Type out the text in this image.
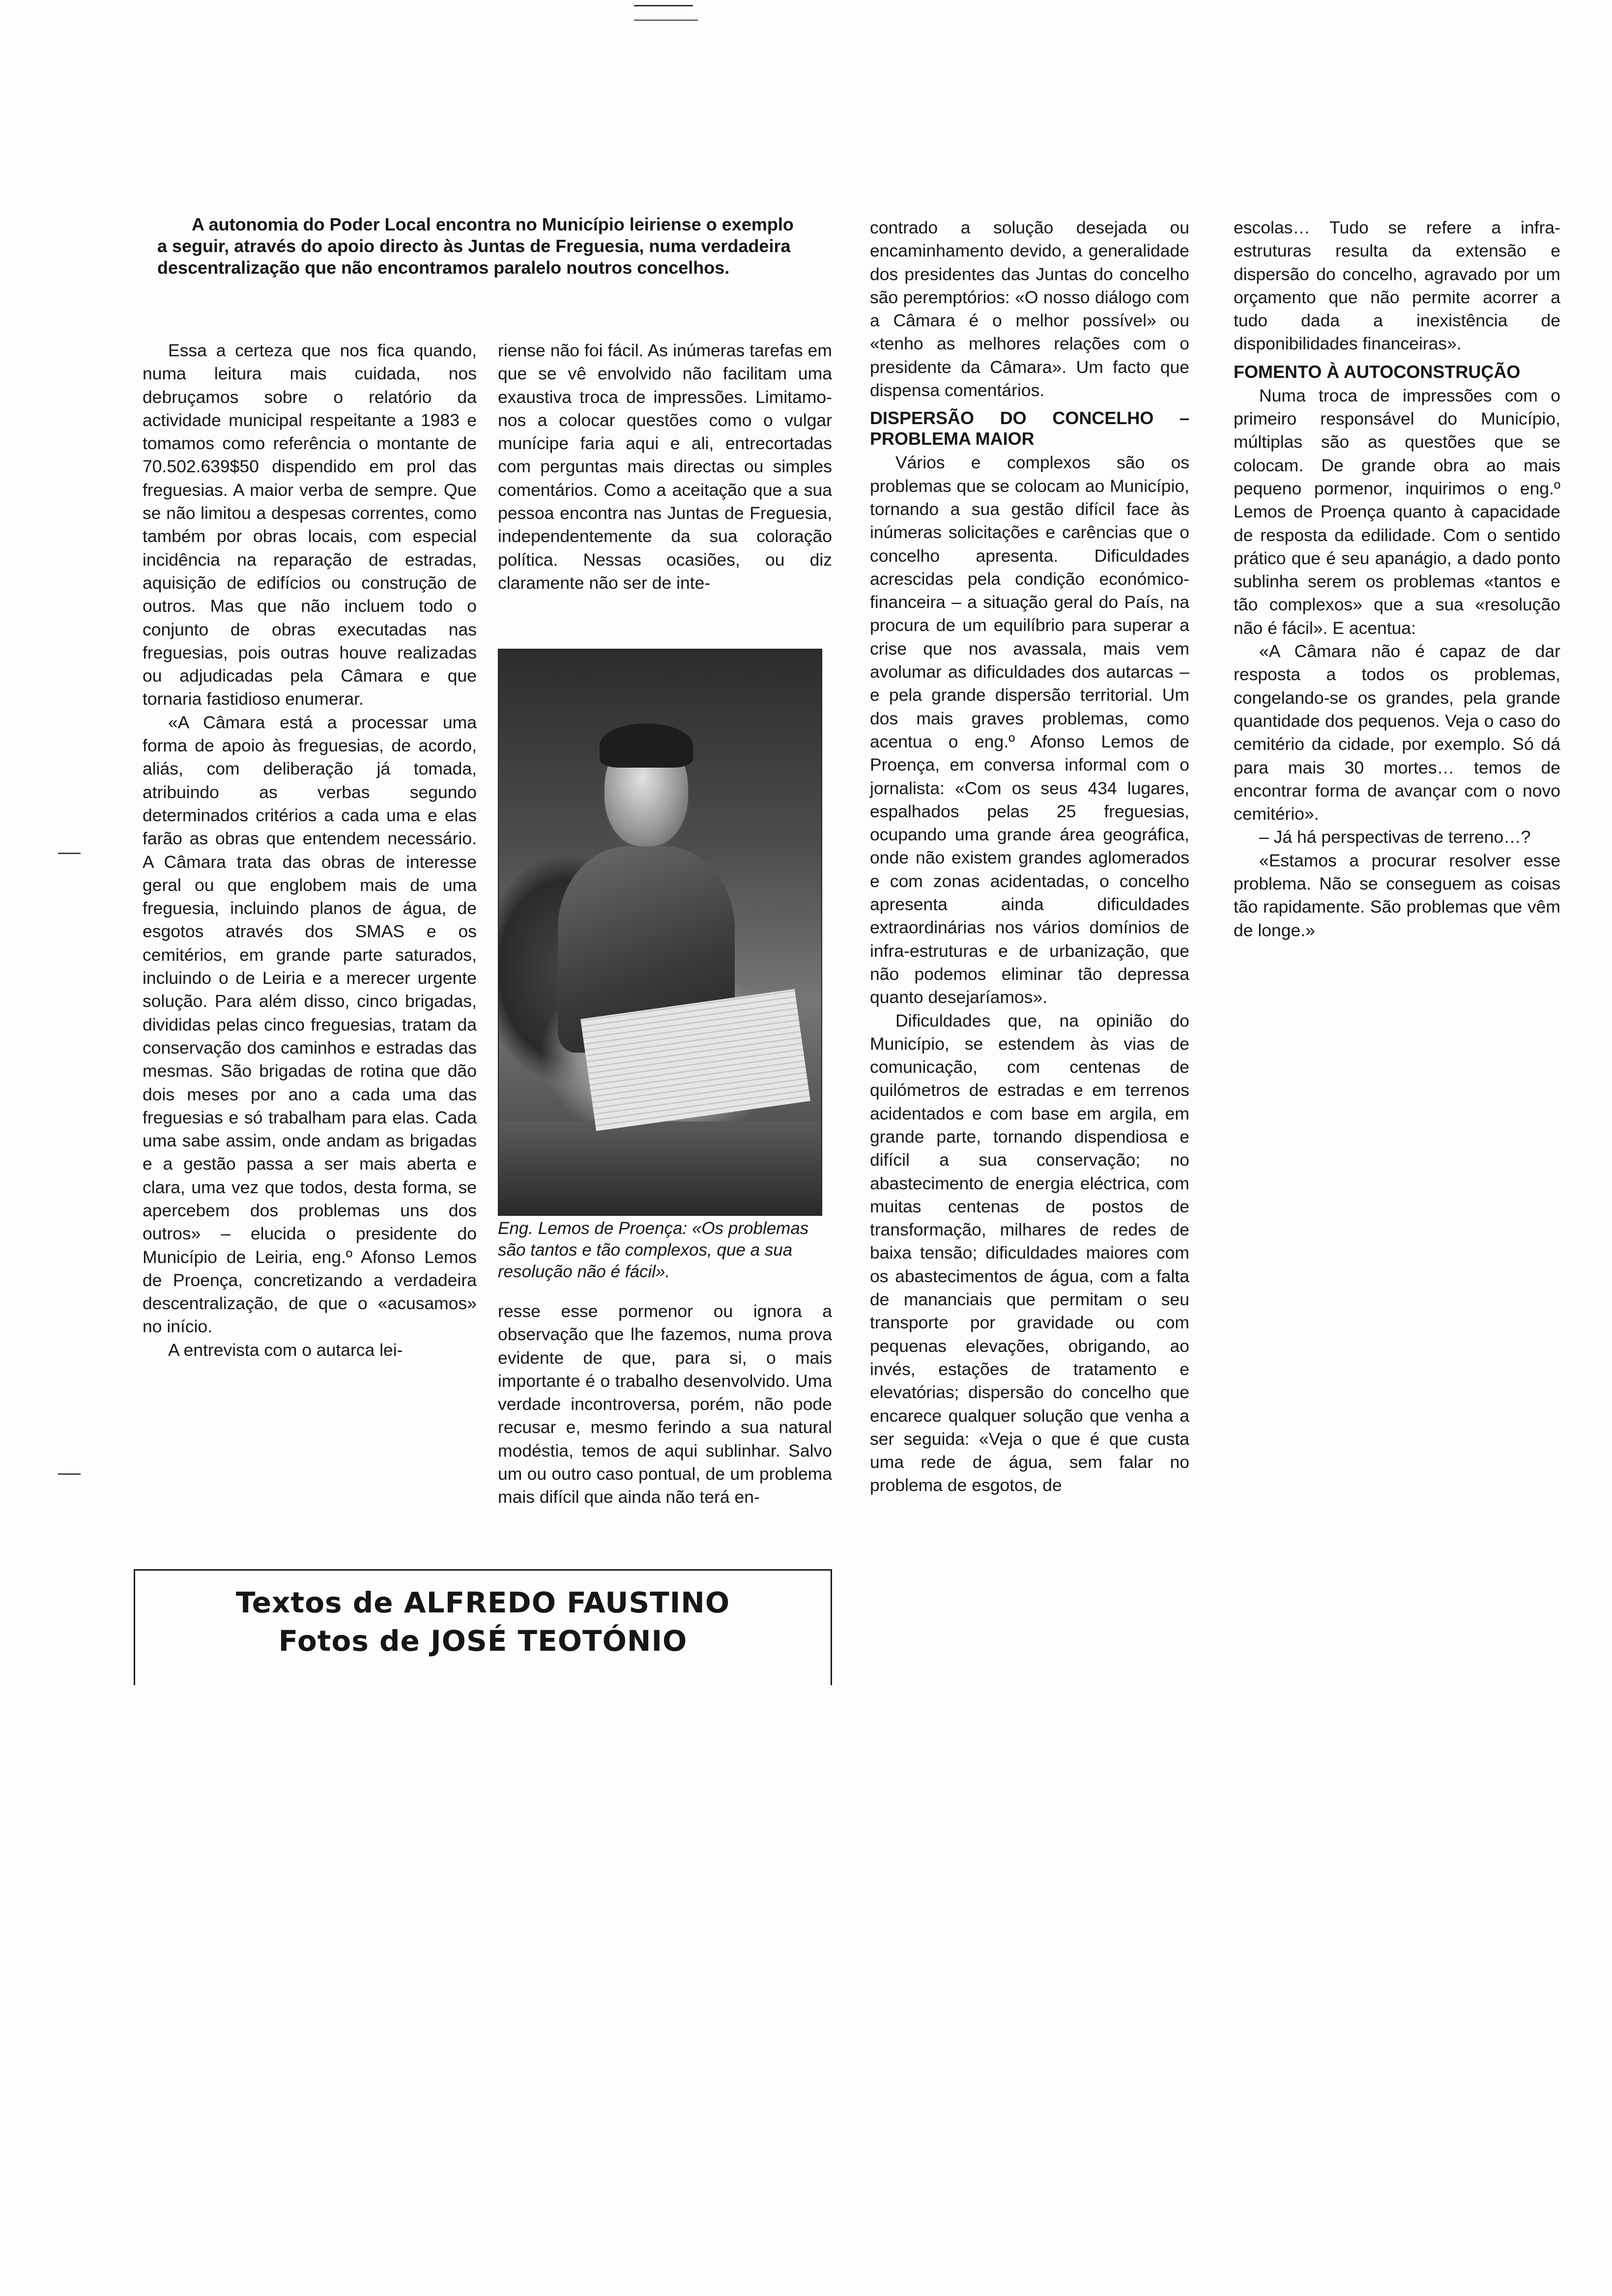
A autonomia do Poder Local encontra no Município leiriense o exemplo a seguir, através do apoio directo às Juntas de Freguesia, numa verdadeira descentralização que não encontramos paralelo noutros concelhos.

Essa a certeza que nos fica quando, numa leitura mais cuidada, nos debruçamos sobre o relatório da actividade municipal respeitante a 1983 e tomamos como referência o montante de 70.502.639$50 dispendido em prol das freguesias. A maior verba de sempre. Que se não limitou a despesas correntes, como também por obras locais, com especial incidência na reparação de estradas, aquisição de edifícios ou construção de outros. Mas que não incluem todo o conjunto de obras executadas nas freguesias, pois outras houve realizadas ou adjudicadas pela Câmara e que tornaria fastidioso enumerar.

«A Câmara está a processar uma forma de apoio às freguesias, de acordo, aliás, com deliberação já tomada, atribuindo as verbas segundo determinados critérios a cada uma e elas farão as obras que entendem necessário. A Câmara trata das obras de interesse geral ou que englobem mais de uma freguesia, incluindo planos de água, de esgotos através dos SMAS e os cemitérios, em grande parte saturados, incluindo o de Leiria e a merecer urgente solução. Para além disso, cinco brigadas, divididas pelas cinco freguesias, tratam da conservação dos caminhos e estradas das mesmas. São brigadas de rotina que dão dois meses por ano a cada uma das freguesias e só trabalham para elas. Cada uma sabe assim, onde andam as brigadas e a gestão passa a ser mais aberta e clara, uma vez que todos, desta forma, se apercebem dos problemas uns dos outros» – elucida o presidente do Município de Leiria, eng.º Afonso Lemos de Proença, concretizando a verdadeira descentralização, de que o «acusamos» no início.

A entrevista com o autarca lei-

riense não foi fácil. As inúmeras tarefas em que se vê envolvido não facilitam uma exaustiva troca de impressões. Limitamo-nos a colocar questões como o vulgar munícipe faria aqui e ali, entrecortadas com perguntas mais directas ou simples comentários. Como a aceitação que a sua pessoa encontra nas Juntas de Freguesia, independentemente da sua coloração política. Nessas ocasiões, ou diz claramente não ser de inte-

Eng. Lemos de Proença: «Os problemas são tantos e tão complexos, que a sua resolução não é fácil».

resse esse pormenor ou ignora a observação que lhe fazemos, numa prova evidente de que, para si, o mais importante é o trabalho desenvolvido. Uma verdade incontroversa, porém, não pode recusar e, mesmo ferindo a sua natural modéstia, temos de aqui sublinhar. Salvo um ou outro caso pontual, de um problema mais difícil que ainda não terá en-

contrado a solução desejada ou encaminhamento devido, a generalidade dos presidentes das Juntas do concelho são peremptórios: «O nosso diálogo com a Câmara é o melhor possível» ou «tenho as melhores relações com o presidente da Câmara». Um facto que dispensa comentários.

DISPERSÃO DO CONCELHO – PROBLEMA MAIOR

Vários e complexos são os problemas que se colocam ao Município, tornando a sua gestão difícil face às inúmeras solicitações e carências que o concelho apresenta. Dificuldades acrescidas pela condição económico-financeira – a situação geral do País, na procura de um equilíbrio para superar a crise que nos avassala, mais vem avolumar as dificuldades dos autarcas – e pela grande dispersão territorial. Um dos mais graves problemas, como acentua o eng.º Afonso Lemos de Proença, em conversa informal com o jornalista: «Com os seus 434 lugares, espalhados pelas 25 freguesias, ocupando uma grande área geográfica, onde não existem grandes aglomerados e com zonas acidentadas, o concelho apresenta ainda dificuldades extraordinárias nos vários domínios de infra-estruturas e de urbanização, que não podemos eliminar tão depressa quanto desejaríamos».

Dificuldades que, na opinião do Município, se estendem às vias de comunicação, com centenas de quilómetros de estradas e em terrenos acidentados e com base em argila, em grande parte, tornando dispendiosa e difícil a sua conservação; no abastecimento de energia eléctrica, com muitas centenas de postos de transformação, milhares de redes de baixa tensão; dificuldades maiores com os abastecimentos de água, com a falta de mananciais que permitam o seu transporte por gravidade ou com pequenas elevações, obrigando, ao invés, estações de tratamento e elevatórias; dispersão do concelho que encarece qualquer solução que venha a ser seguida: «Veja o que é que custa uma rede de água, sem falar no problema de esgotos, de

escolas… Tudo se refere a infra-estruturas resulta da extensão e dispersão do concelho, agravado por um orçamento que não permite acorrer a tudo dada a inexistência de disponibilidades financeiras».

FOMENTO À AUTOCONSTRUÇÃO

Numa troca de impressões com o primeiro responsável do Município, múltiplas são as questões que se colocam. De grande obra ao mais pequeno pormenor, inquirimos o eng.º Lemos de Proença quanto à capacidade de resposta da edilidade. Com o sentido prático que é seu apanágio, a dado ponto sublinha serem os problemas «tantos e tão complexos» que a sua «resolução não é fácil». E acentua:

«A Câmara não é capaz de dar resposta a todos os problemas, congelando-se os grandes, pela grande quantidade dos pequenos. Veja o caso do cemitério da cidade, por exemplo. Só dá para mais 30 mortes… temos de encontrar forma de avançar com o novo cemitério».

– Já há perspectivas de terreno…?

«Estamos a procurar resolver esse problema. Não se conseguem as coisas tão rapidamente. São problemas que vêm de longe.»

Textos de ALFREDO FAUSTINO
Fotos de JOSÉ TEOTÓNIO
